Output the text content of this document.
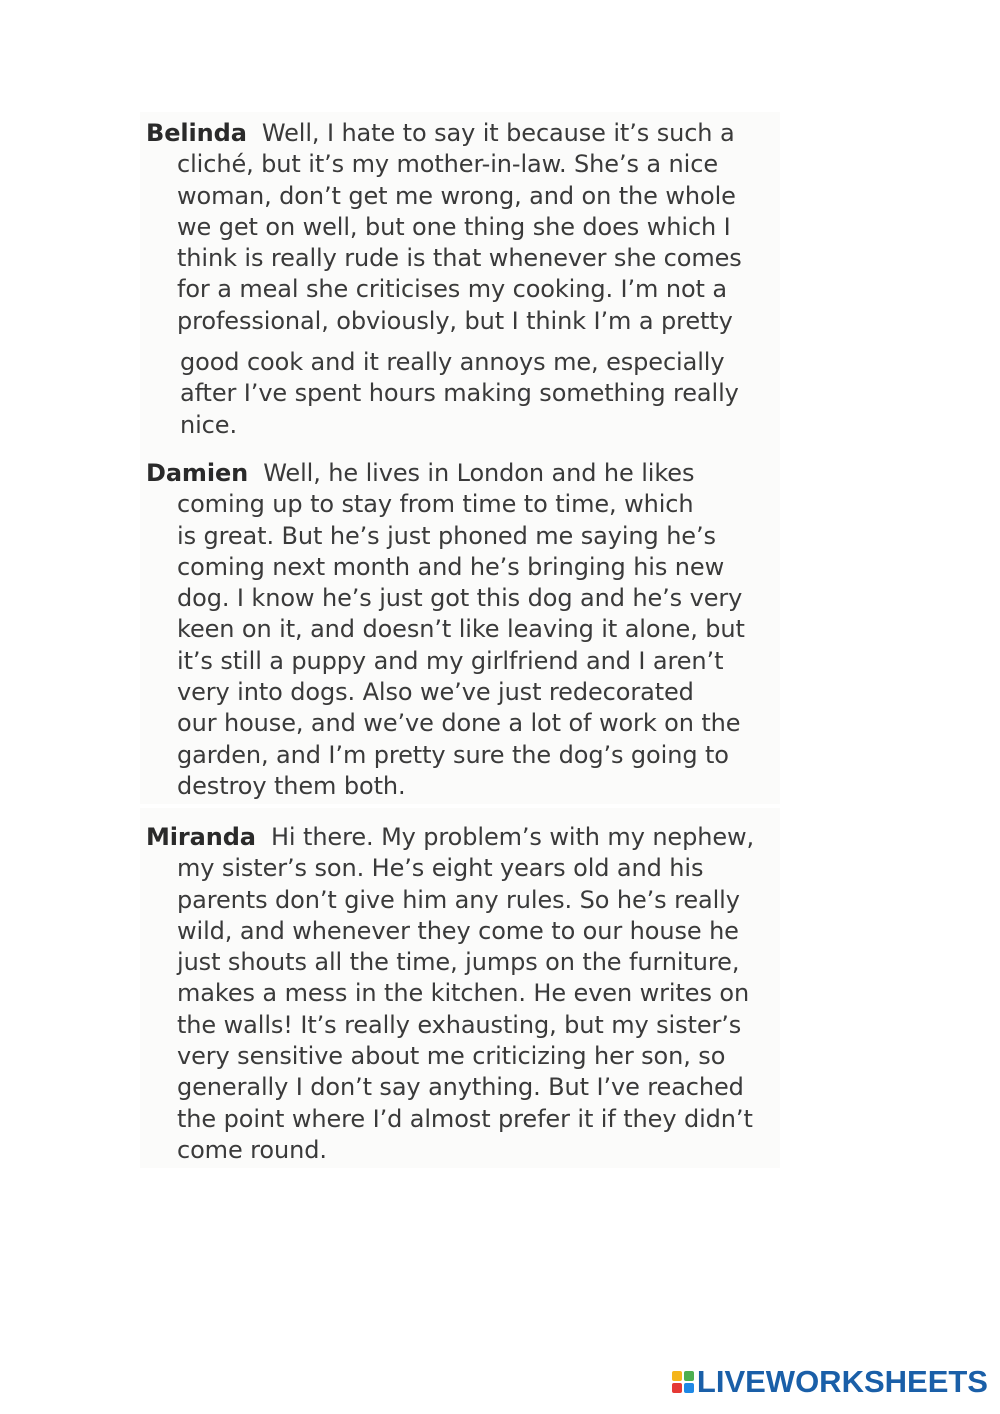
Belinda Well, I hate to say it because it’s such a
cliché, but it’s my mother-in-law. She’s a nice
woman, don’t get me wrong, and on the whole
we get on well, but one thing she does which I
think is really rude is that whenever she comes
for a meal she criticises my cooking. I’m not a
professional, obviously, but I think I’m a pretty
good cook and it really annoys me, especially
after I’ve spent hours making something really
nice.
Damien Well, he lives in London and he likes
coming up to stay from time to time, which
is great. But he’s just phoned me saying he’s
coming next month and he’s bringing his new
dog. I know he’s just got this dog and he’s very
keen on it, and doesn’t like leaving it alone, but
it’s still a puppy and my girlfriend and I aren’t
very into dogs. Also we’ve just redecorated
our house, and we’ve done a lot of work on the
garden, and I’m pretty sure the dog’s going to
destroy them both.
Miranda Hi there. My problem’s with my nephew,
my sister’s son. He’s eight years old and his
parents don’t give him any rules. So he’s really
wild, and whenever they come to our house he
just shouts all the time, jumps on the furniture,
makes a mess in the kitchen. He even writes on
the walls! It’s really exhausting, but my sister’s
very sensitive about me criticizing her son, so
generally I don’t say anything. But I’ve reached
the point where I’d almost prefer it if they didn’t
come round.
LIVEWORKSHEETS
